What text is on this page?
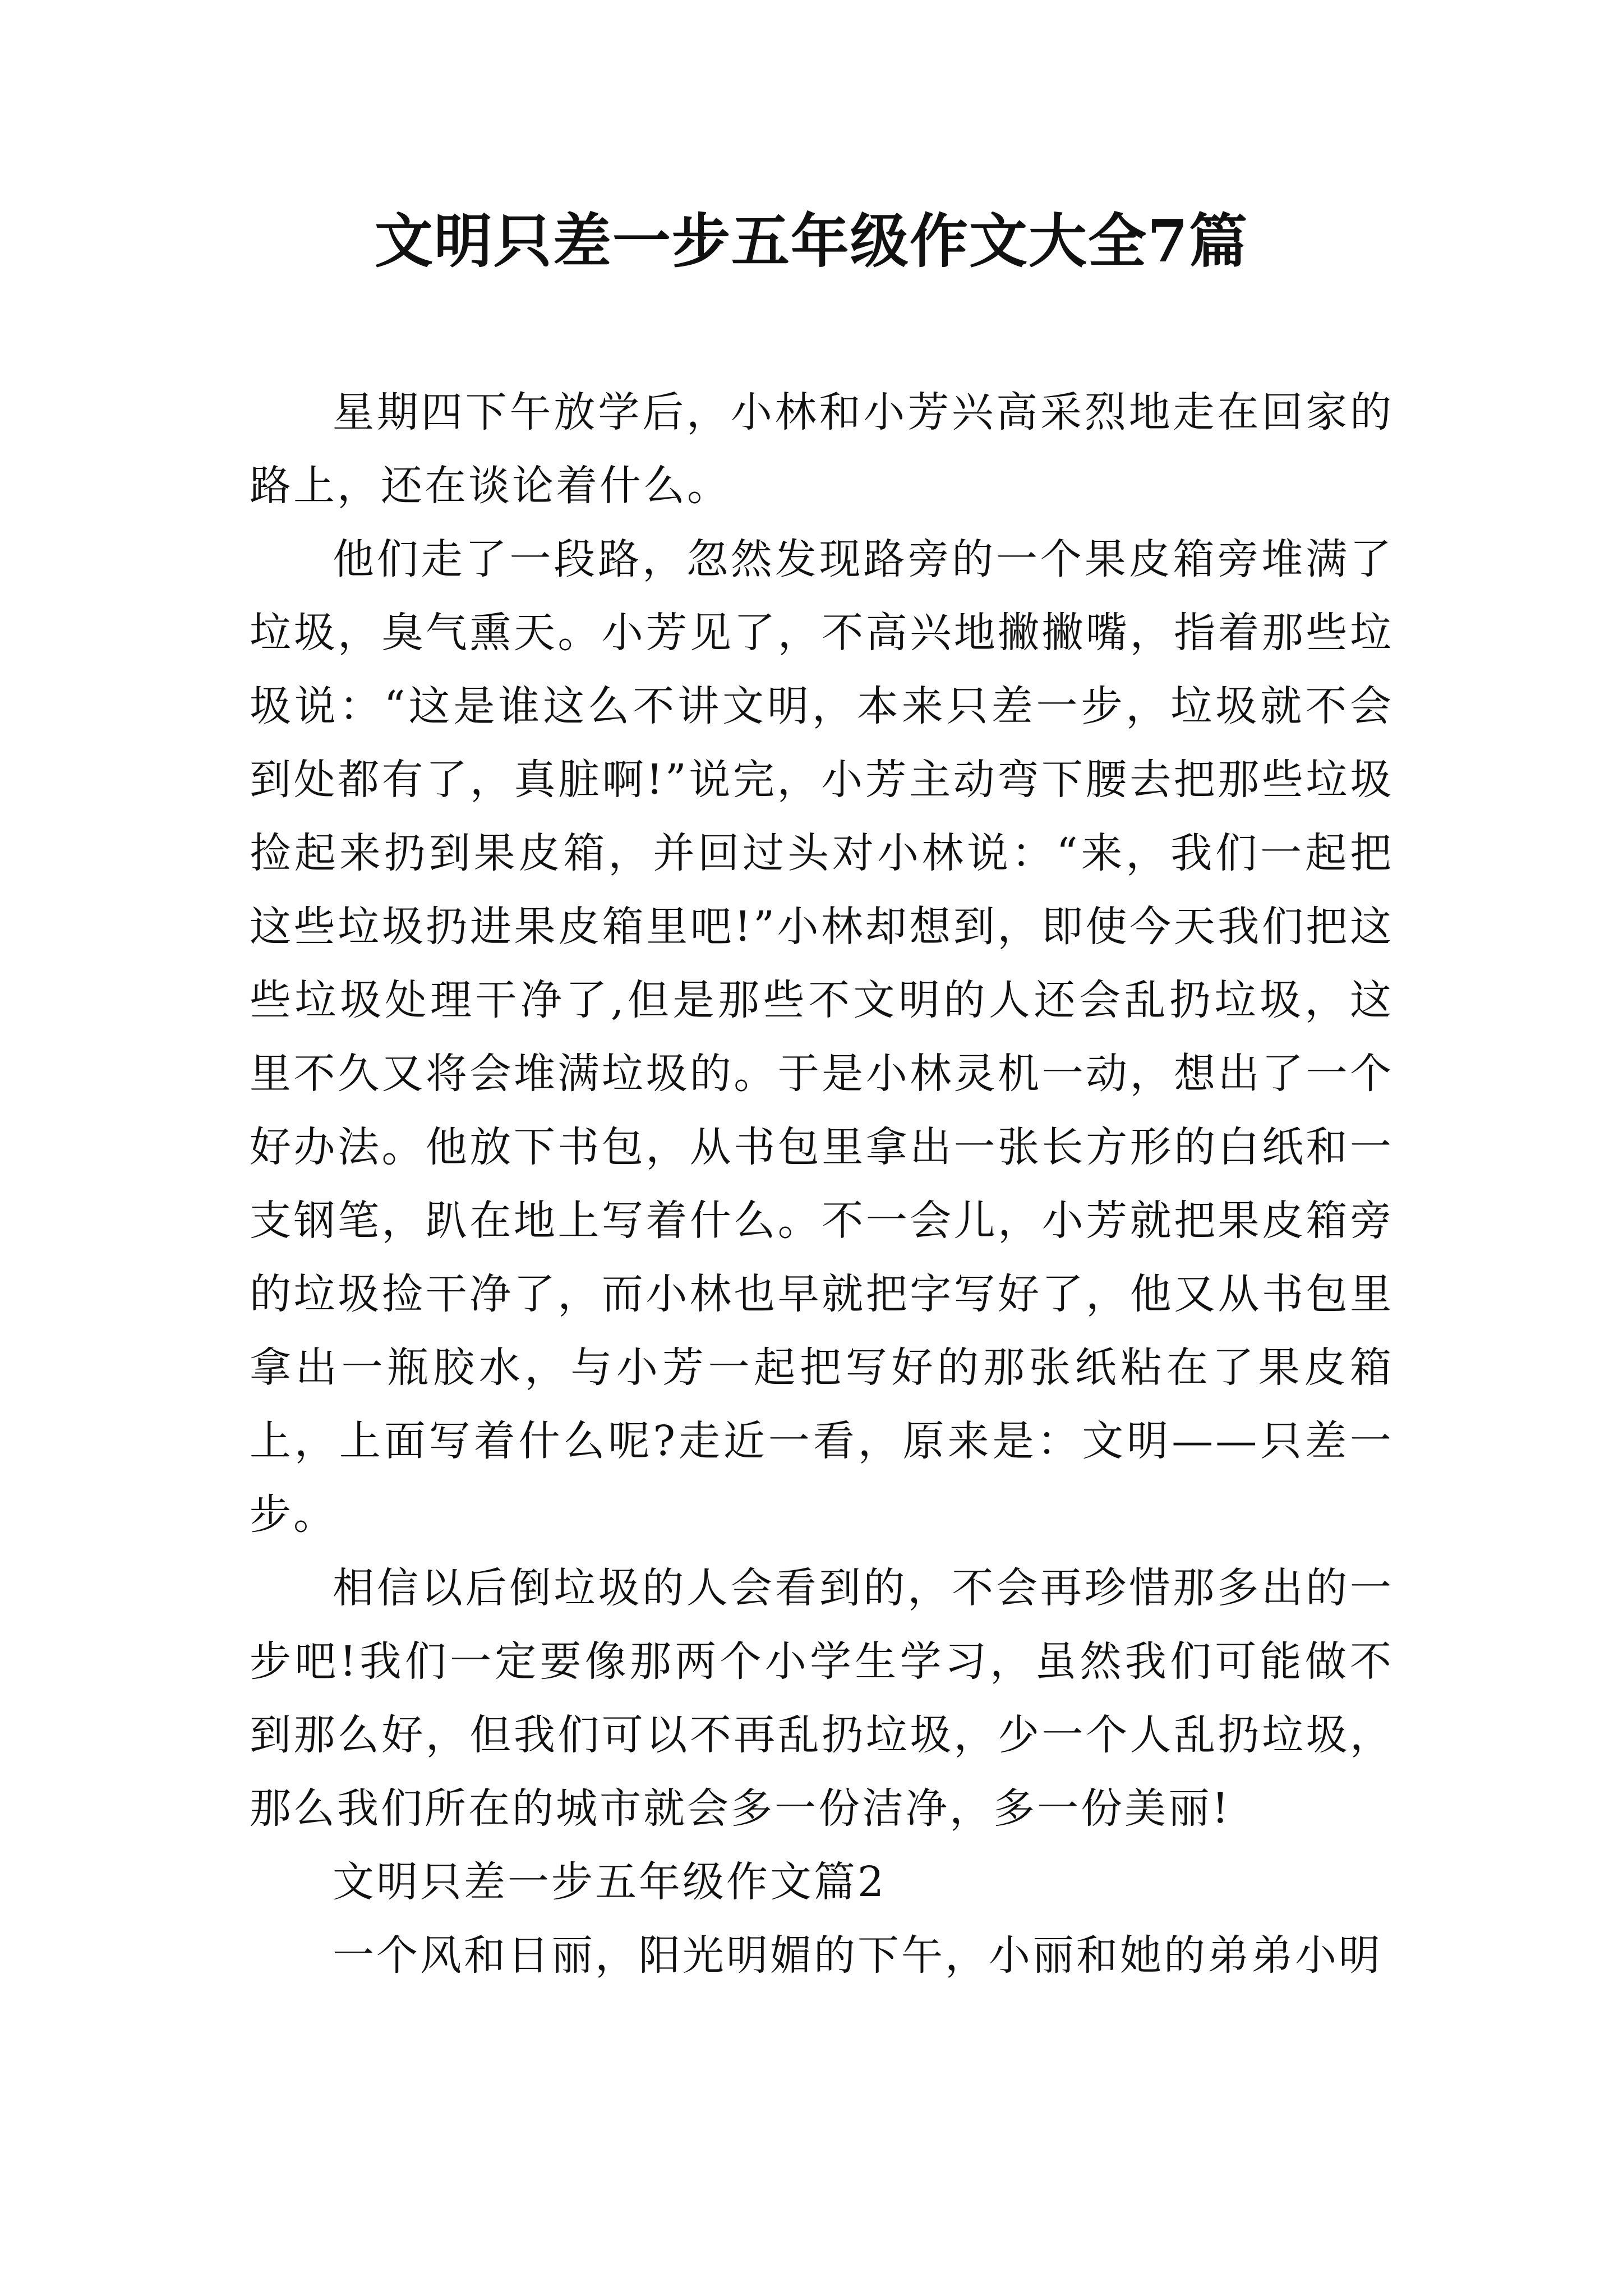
文明只差一步五年级作文大全7篇

星期四下午放学后，小林和小芳兴高采烈地走在回家的路上，还在谈论着什么。

他们走了一段路，忽然发现路旁的一个果皮箱旁堆满了垃圾，臭气熏天。小芳见了，不高兴地撇撇嘴，指着那些垃圾说：“这是谁这么不讲文明，本来只差一步，垃圾就不会到处都有了，真脏啊!”说完，小芳主动弯下腰去把那些垃圾捡起来扔到果皮箱，并回过头对小林说：“来，我们一起把这些垃圾扔进果皮箱里吧!”小林却想到，即使今天我们把这些垃圾处理干净了,但是那些不文明的人还会乱扔垃圾，这里不久又将会堆满垃圾的。于是小林灵机一动，想出了一个好办法。他放下书包，从书包里拿出一张长方形的白纸和一支钢笔，趴在地上写着什么。不一会儿，小芳就把果皮箱旁的垃圾捡干净了，而小林也早就把字写好了，他又从书包里拿出一瓶胶水，与小芳一起把写好的那张纸粘在了果皮箱上，上面写着什么呢?走近一看，原来是：文明——只差一步。

相信以后倒垃圾的人会看到的，不会再珍惜那多出的一步吧!我们一定要像那两个小学生学习，虽然我们可能做不到那么好，但我们可以不再乱扔垃圾，少一个人乱扔垃圾，那么我们所在的城市就会多一份洁净，多一份美丽!

文明只差一步五年级作文篇2

一个风和日丽，阳光明媚的下午，小丽和她的弟弟小明
